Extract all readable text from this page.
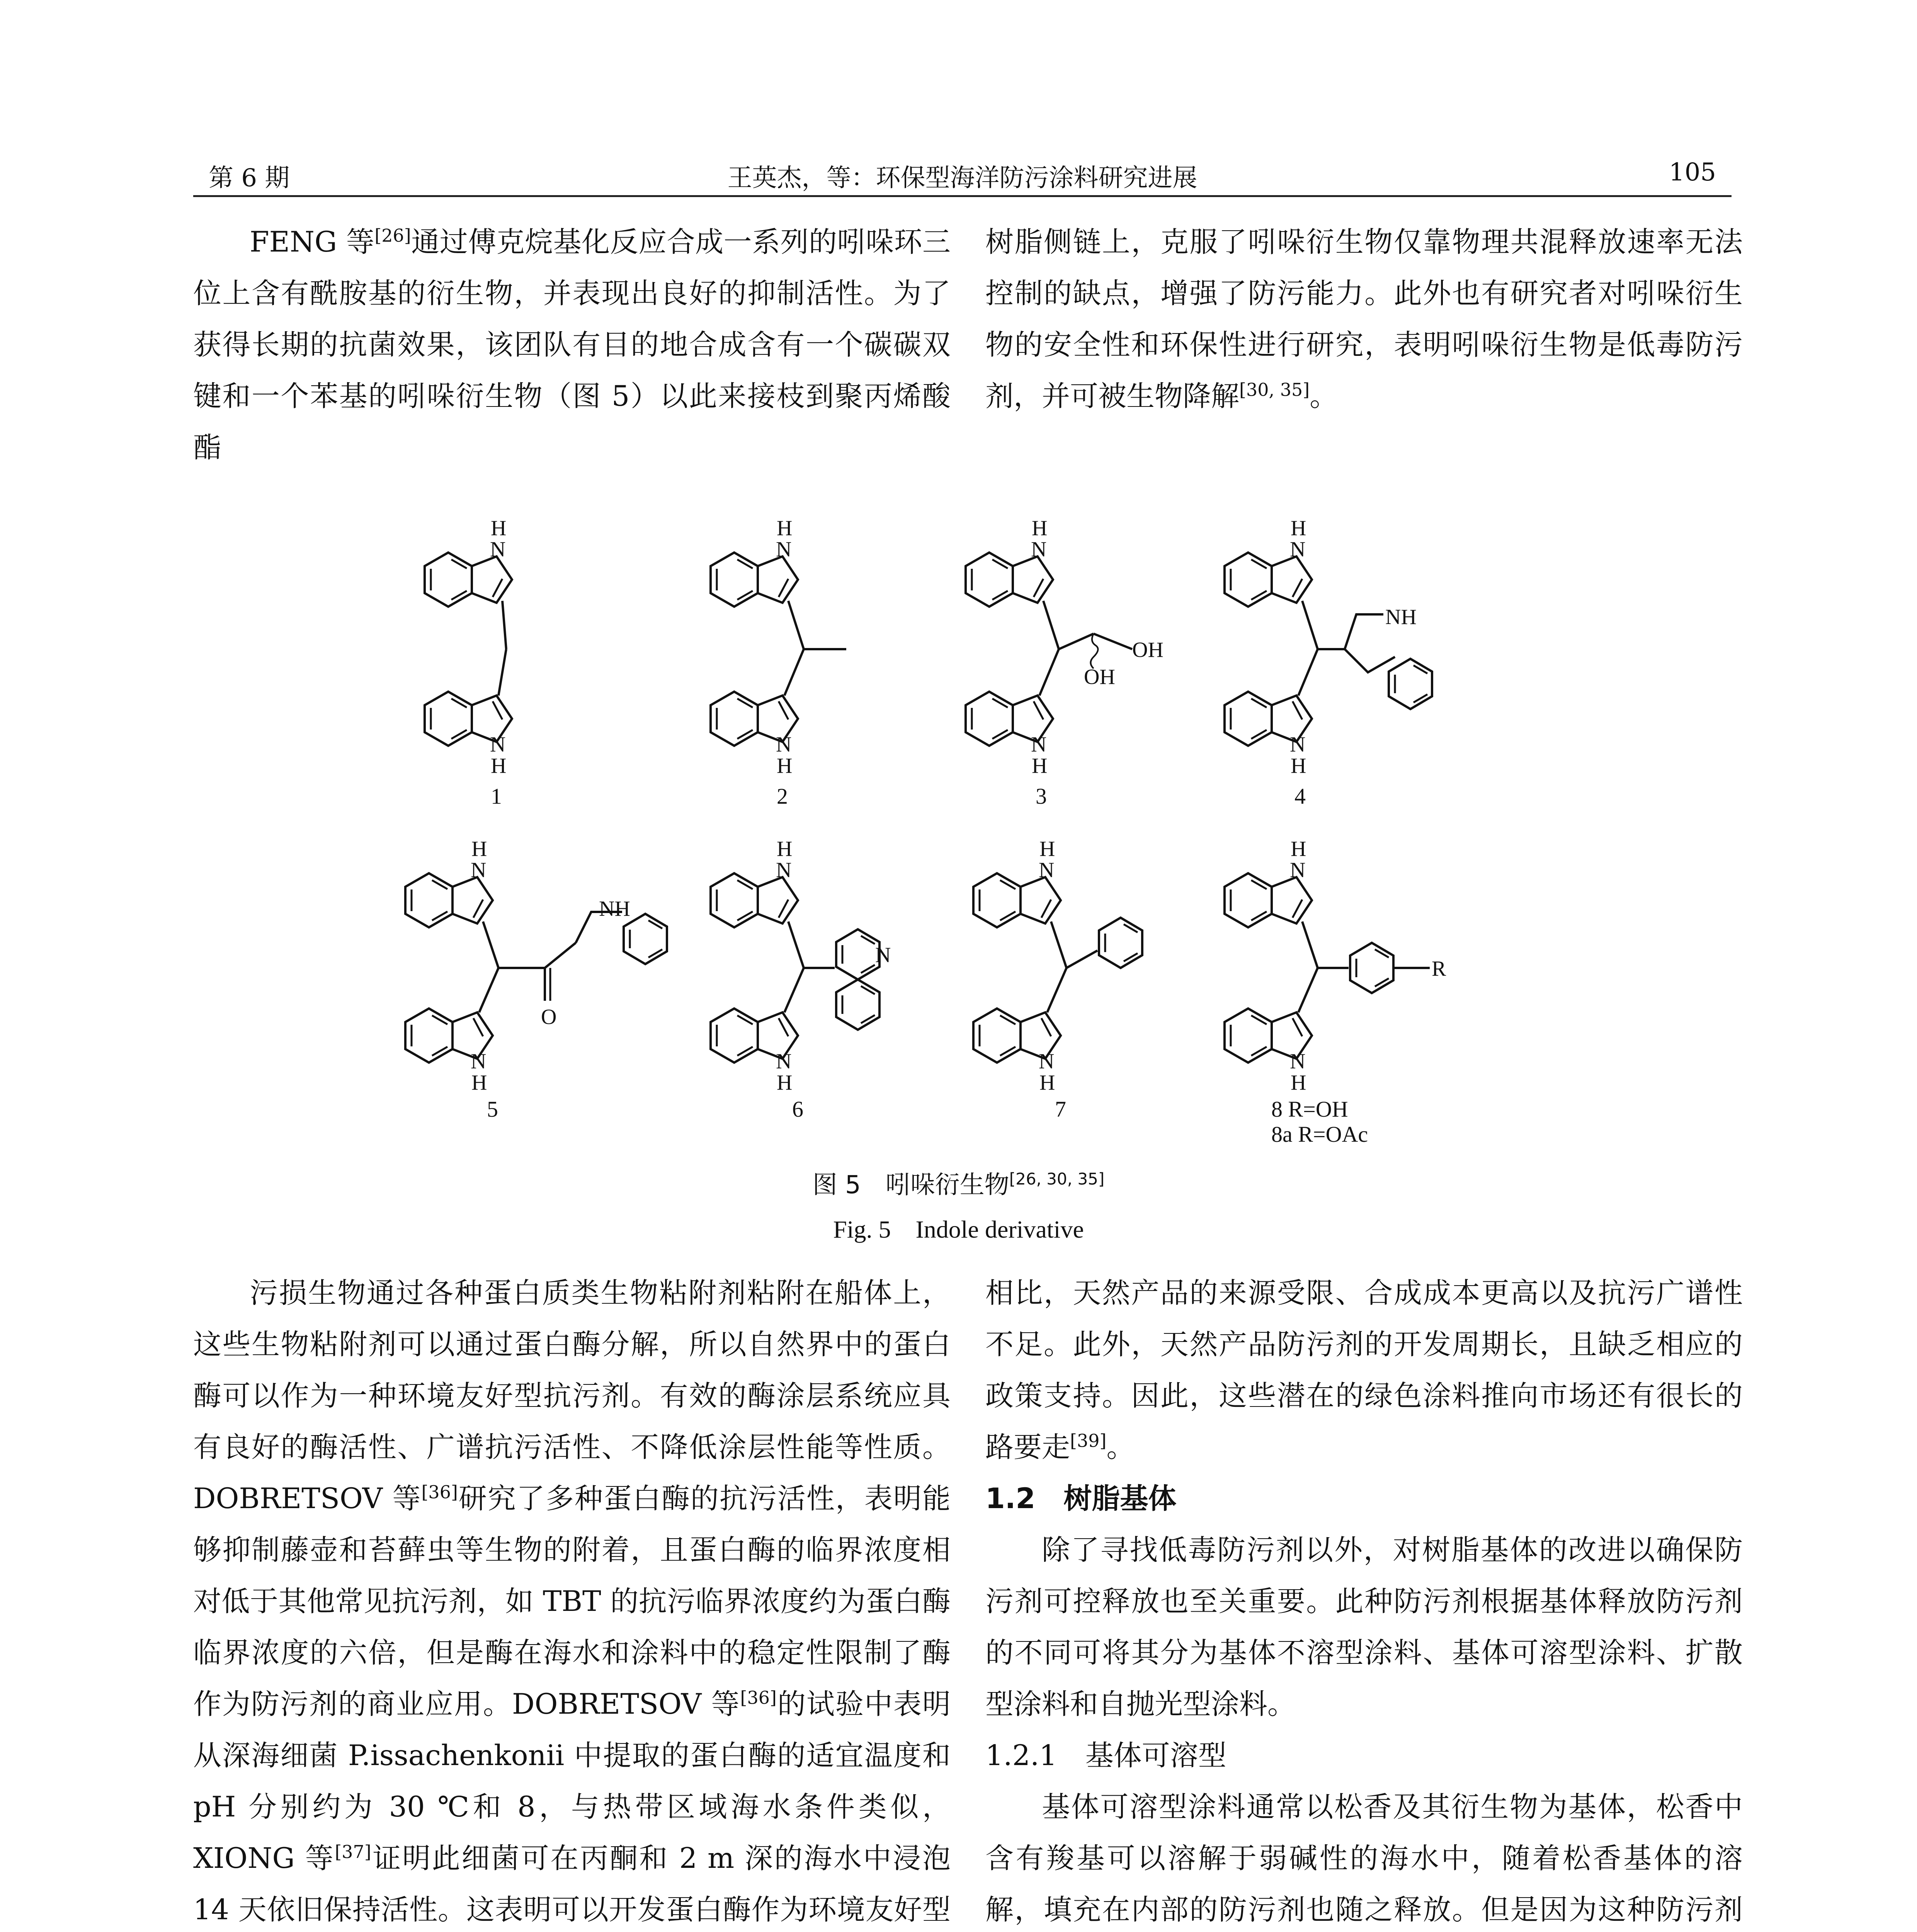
第 6 期	王英杰，等：环保型海洋防污涂料研究进展	105

FENG 等[26]通过傅克烷基化反应合成一系列的吲哚环三位上含有酰胺基的衍生物，并表现出良好的抑制活性。为了获得长期的抗菌效果，该团队有目的地合成含有一个碳碳双键和一个苯基的吲哚衍生物（图 5）以此来接枝到聚丙烯酸酯

树脂侧链上，克服了吲哚衍生物仅靠物理共混释放速率无法控制的缺点，增强了防污能力。此外也有研究者对吲哚衍生物的安全性和环保性进行研究，表明吲哚衍生物是低毒防污剂，并可被生物降解[30, 35]。

H
N
N
H
1
H
N
N
H
2
OH
OH
H
N
N
H
3
NH
H
N
N
H
4
O
NH
H
N
N
H
5
N
H
N
N
H
6
H
N
N
H
7
R
H
N
N
H
8 R=OH
8a R=OAc
图 5　吲哚衍生物[26, 30, 35]
Fig. 5　Indole derivative

污损生物通过各种蛋白质类生物粘附剂粘附在船体上，这些生物粘附剂可以通过蛋白酶分解，所以自然界中的蛋白酶可以作为一种环境友好型抗污剂。有效的酶涂层系统应具有良好的酶活性、广谱抗污活性、不降低涂层性能等性质。DOBRETSOV 等[36]研究了多种蛋白酶的抗污活性，表明能够抑制藤壶和苔藓虫等生物的附着，且蛋白酶的临界浓度相对低于其他常见抗污剂，如 TBT 的抗污临界浓度约为蛋白酶临界浓度的六倍，但是酶在海水和涂料中的稳定性限制了酶作为防污剂的商业应用。DOBRETSOV 等[36]的试验中表明从深海细菌 P.issachenkonii 中提取的蛋白酶的适宜温度和 pH 分别约为 30 ℃和 8，与热带区域海水条件类似，XIONG 等[37]证明此细菌可在丙酮和 2 m 深的海水中浸泡 14 天依旧保持活性。这表明可以开发蛋白酶作为环境友好型

相比，天然产品的来源受限、合成成本更高以及抗污广谱性不足。此外，天然产品防污剂的开发周期长，且缺乏相应的政策支持。因此，这些潜在的绿色涂料推向市场还有很长的路要走[39]。

1.2　树脂基体

除了寻找低毒防污剂以外，对树脂基体的改进以确保防污剂可控释放也至关重要。此种防污剂根据基体释放防污剂的不同可将其分为基体不溶型涂料、基体可溶型涂料、扩散型涂料和自抛光型涂料。

1.2.1　基体可溶型

基体可溶型涂料通常以松香及其衍生物为基体，松香中含有羧基可以溶解于弱碱性的海水中，随着松香基体的溶解，填充在内部的防污剂也随之释放。但是因为这种防污剂
